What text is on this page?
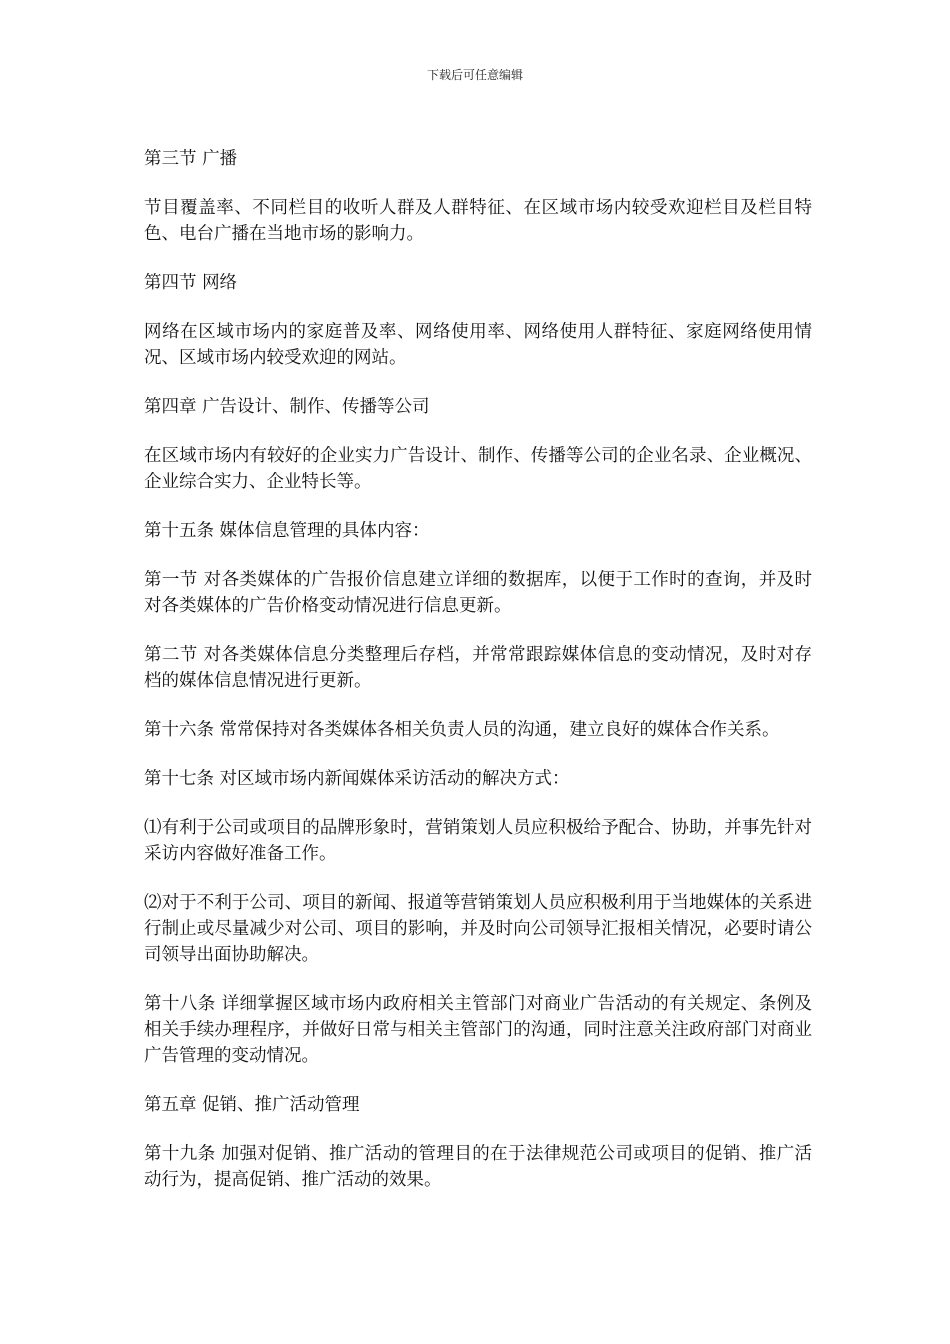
下载后可任意编辑

第三节 广播

节目覆盖率、不同栏目的收听人群及人群特征、在区域市场内较受欢迎栏目及栏目特色、电台广播在当地市场的影响力。

第四节 网络

网络在区域市场内的家庭普及率、网络使用率、网络使用人群特征、家庭网络使用情况、区域市场内较受欢迎的网站。

第四章 广告设计、制作、传播等公司

在区域市场内有较好的企业实力广告设计、制作、传播等公司的企业名录、企业概况、企业综合实力、企业特长等。

第十五条 媒体信息管理的具体内容：

第一节 对各类媒体的广告报价信息建立详细的数据库，以便于工作时的查询，并及时对各类媒体的广告价格变动情况进行信息更新。

第二节 对各类媒体信息分类整理后存档，并常常跟踪媒体信息的变动情况，及时对存档的媒体信息情况进行更新。

第十六条 常常保持对各类媒体各相关负责人员的沟通，建立良好的媒体合作关系。

第十七条 对区域市场内新闻媒体采访活动的解决方式：

⑴有利于公司或项目的品牌形象时，营销策划人员应积极给予配合、协助，并事先针对采访内容做好准备工作。

⑵对于不利于公司、项目的新闻、报道等营销策划人员应积极利用于当地媒体的关系进行制止或尽量减少对公司、项目的影响，并及时向公司领导汇报相关情况，必要时请公司领导出面协助解决。

第十八条 详细掌握区域市场内政府相关主管部门对商业广告活动的有关规定、条例及相关手续办理程序，并做好日常与相关主管部门的沟通，同时注意关注政府部门对商业广告管理的变动情况。

第五章 促销、推广活动管理

第十九条 加强对促销、推广活动的管理目的在于法律规范公司或项目的促销、推广活动行为，提高促销、推广活动的效果。
